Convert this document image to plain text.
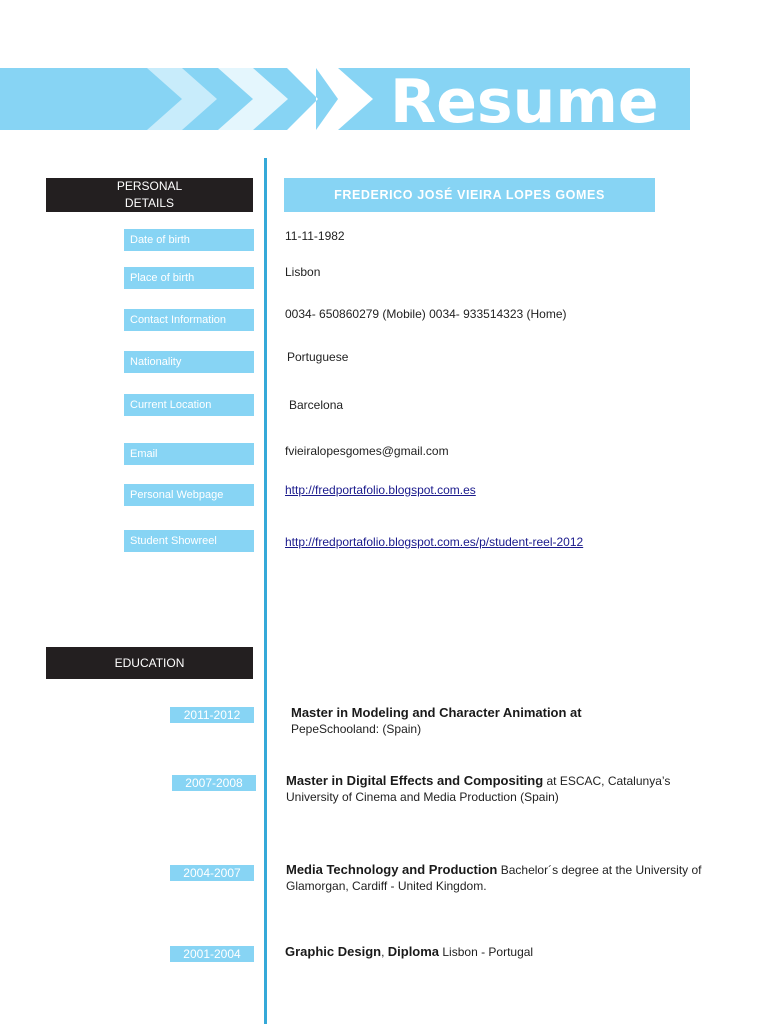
Resume
PERSONAL
DETAILS
FREDERICO JOSÉ VIEIRA LOPES GOMES
Date of birth	11-11-1982
Place of birth	Lisbon
Contact Information	0034- 650860279 (Mobile) 0034- 933514323 (Home)
Nationality	Portuguese
Current Location	Barcelona
Email	fvieiralopesgomes@gmail.com
Personal Webpage	http://fredportafolio.blogspot.com.es
Student Showreel	http://fredportafolio.blogspot.com.es/p/student-reel-2012
EDUCATION
2011-2012	Master in Modeling and Character Animation at
PepeSchooland: (Spain)
2007-2008	Master in Digital Effects and Compositing at ESCAC, Catalunya’s University of Cinema and Media Production (Spain)
2004-2007	Media Technology and Production Bachelor´s degree at the University of Glamorgan, Cardiff - United Kingdom.
2001-2004	Graphic Design, Diploma Lisbon - Portugal
